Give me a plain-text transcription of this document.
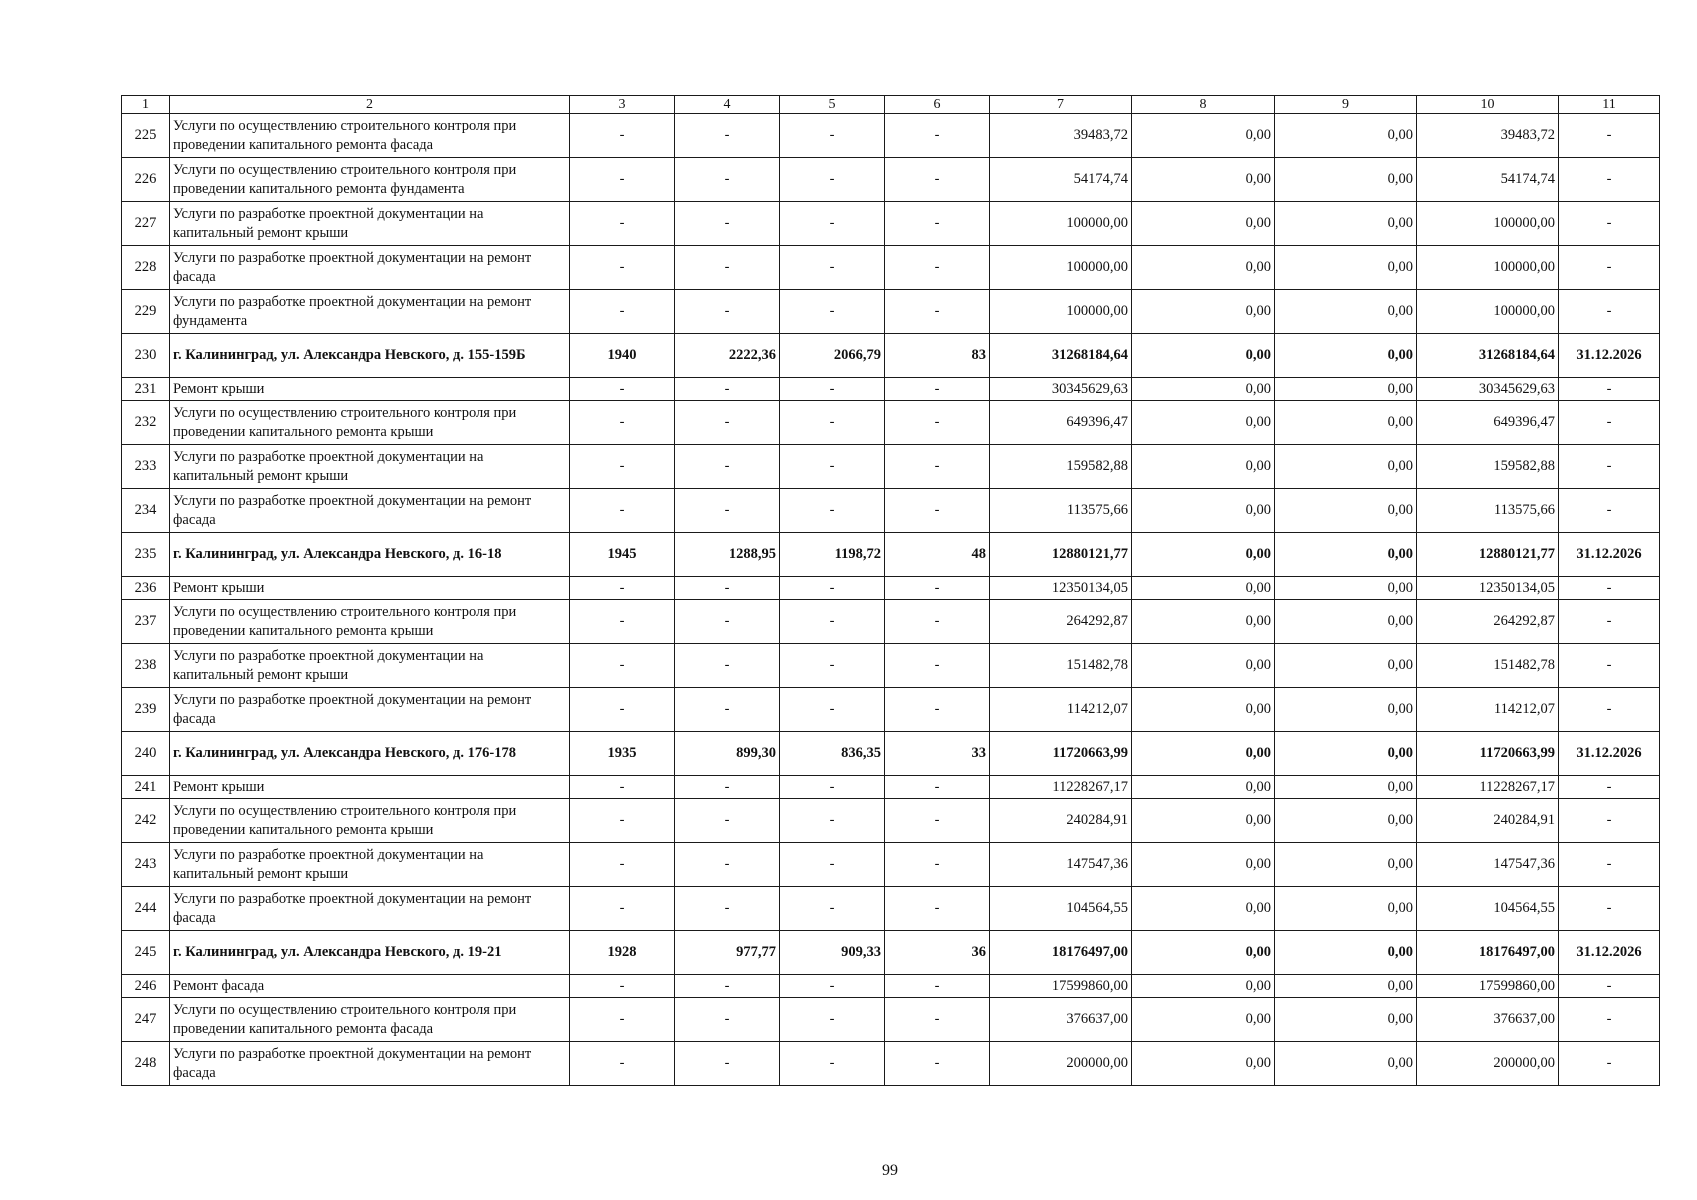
1	2	3	4	5	6	7	8	9	10	11
225	Услуги по осуществлению строительного контроля при проведении капитального ремонта фасада	-	-	-	-	39483,72	0,00	0,00	39483,72	-
226	Услуги по осуществлению строительного контроля при проведении капитального ремонта фундамента	-	-	-	-	54174,74	0,00	0,00	54174,74	-
227	Услуги по разработке проектной документации на капитальный ремонт крыши	-	-	-	-	100000,00	0,00	0,00	100000,00	-
228	Услуги по разработке проектной документации на ремонт фасада	-	-	-	-	100000,00	0,00	0,00	100000,00	-
229	Услуги по разработке проектной документации на ремонт фундамента	-	-	-	-	100000,00	0,00	0,00	100000,00	-
230	г. Калининград, ул. Александра Невского, д. 155-159Б	1940	2222,36	2066,79	83	31268184,64	0,00	0,00	31268184,64	31.12.2026
231	Ремонт крыши	-	-	-	-	30345629,63	0,00	0,00	30345629,63	-
232	Услуги по осуществлению строительного контроля при проведении капитального ремонта крыши	-	-	-	-	649396,47	0,00	0,00	649396,47	-
233	Услуги по разработке проектной документации на капитальный ремонт крыши	-	-	-	-	159582,88	0,00	0,00	159582,88	-
234	Услуги по разработке проектной документации на ремонт фасада	-	-	-	-	113575,66	0,00	0,00	113575,66	-
235	г. Калининград, ул. Александра Невского, д. 16-18	1945	1288,95	1198,72	48	12880121,77	0,00	0,00	12880121,77	31.12.2026
236	Ремонт крыши	-	-	-	-	12350134,05	0,00	0,00	12350134,05	-
237	Услуги по осуществлению строительного контроля при проведении капитального ремонта крыши	-	-	-	-	264292,87	0,00	0,00	264292,87	-
238	Услуги по разработке проектной документации на капитальный ремонт крыши	-	-	-	-	151482,78	0,00	0,00	151482,78	-
239	Услуги по разработке проектной документации на ремонт фасада	-	-	-	-	114212,07	0,00	0,00	114212,07	-
240	г. Калининград, ул. Александра Невского, д. 176-178	1935	899,30	836,35	33	11720663,99	0,00	0,00	11720663,99	31.12.2026
241	Ремонт крыши	-	-	-	-	11228267,17	0,00	0,00	11228267,17	-
242	Услуги по осуществлению строительного контроля при проведении капитального ремонта крыши	-	-	-	-	240284,91	0,00	0,00	240284,91	-
243	Услуги по разработке проектной документации на капитальный ремонт крыши	-	-	-	-	147547,36	0,00	0,00	147547,36	-
244	Услуги по разработке проектной документации на ремонт фасада	-	-	-	-	104564,55	0,00	0,00	104564,55	-
245	г. Калининград, ул. Александра Невского, д. 19-21	1928	977,77	909,33	36	18176497,00	0,00	0,00	18176497,00	31.12.2026
246	Ремонт фасада	-	-	-	-	17599860,00	0,00	0,00	17599860,00	-
247	Услуги по осуществлению строительного контроля при проведении капитального ремонта фасада	-	-	-	-	376637,00	0,00	0,00	376637,00	-
248	Услуги по разработке проектной документации на ремонт фасада	-	-	-	-	200000,00	0,00	0,00	200000,00	-
99
